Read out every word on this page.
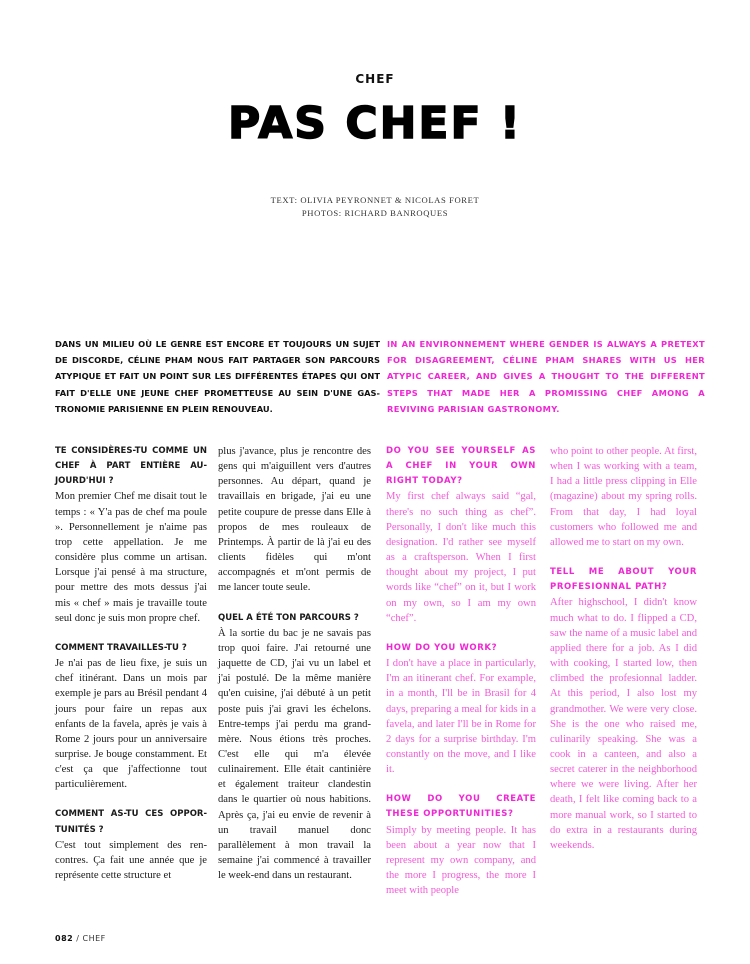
CHEF
PAS CHEF !
TEXT: OLIVIA PEYRONNET & NICOLAS FORET
PHOTOS: RICHARD BANROQUES
DANS UN MILIEU OÙ LE GENRE EST ENCORE ET TOUJOURS UN SUJET DE DISCORDE, CÉLINE PHAM NOUS FAIT PARTAGER SON PARCOURS ATYPIQUE ET FAIT UN POINT SUR LES DIFFÉRENTES ÉTAPES QUI ONT FAIT D'ELLE UNE JEUNE CHEF PROMETTEUSE AU SEIN D'UNE GASTRONOMIE PARISIENNE EN PLEIN RENOUVEAU.
IN AN ENVIRONNEMENT WHERE GENDER IS ALWAYS A PRETEXT FOR DISAGREEMENT, CÉLINE PHAM SHARES WITH US HER ATYPIC CAREER, AND GIVES A THOUGHT TO THE DIFFERENT STEPS THAT MADE HER A PROMISSING CHEF AMONG A REVIVING PARISIAN GASTRONOMY.
TE CONSIDÈRES-TU COMME UN CHEF À PART ENTIÈRE AUJOURD'HUI ?

Mon premier Chef me disait tout le temps : « Y'a pas de chef ma poule ». Personnellement je n'aime pas trop cette appellation. Je me considère plus comme un artisan. Lorsque j'ai pensé à ma structure, pour mettre des mots dessus j'ai mis « chef » mais je travaille toute seul donc je suis mon propre chef.

COMMENT TRAVAILLES-TU ?

Je n'ai pas de lieu fixe, je suis un chef itinérant. Dans un mois par exemple je pars au Brésil pendant 4 jours pour faire un repas aux enfants de la favela, après je vais à Rome 2 jours pour un anniversaire surprise. Je bouge constamment. Et c'est ça que j'affectionne tout particulièrement.

COMMENT AS-TU CES OPPORTUNITÉS ?

C'est tout simplement des rencontres. Ça fait une année que je représente cette structure et

plus j'avance, plus je rencontre des gens qui m'aiguillent vers d'autres personnes. Au départ, quand je travaillais en brigade, j'ai eu une petite coupure de presse dans Elle à propos de mes rouleaux de Printemps. À partir de là j'ai eu des clients fidèles qui m'ont accompagnés et m'ont permis de me lancer toute seule.

QUEL A ÉTÉ TON PARCOURS ?

À la sortie du bac je ne savais pas trop quoi faire. J'ai retourné une jaquette de CD, j'ai vu un label et j'ai postulé. De la même manière qu'en cuisine, j'ai débuté à un petit poste puis j'ai gravi les échelons. Entre-temps j'ai perdu ma grand-mère. Nous étions très proches. C'est elle qui m'a élevée culinairement. Elle était cantinière et également traiteur clandestin dans le quartier où nous habitions. Après ça, j'ai eu envie de revenir à un travail manuel donc parallèlement à mon travail la semaine j'ai commencé à travailler le week-end dans un restaurant.

DO YOU SEE YOURSELF AS A CHEF IN YOUR OWN RIGHT TODAY?

My first chef always said “gal, there's no such thing as chef”. Personally, I don't like much this designation. I'd rather see myself as a craftsperson. When I first thought about my project, I put words like “chef” on it, but I work on my own, so I am my own “chef”.

HOW DO YOU WORK?

I don't have a place in particularly, I'm an itinerant chef. For example, in a month, I'll be in Brasil for 4 days, preparing a meal for kids in a favela, and later I'll be in Rome for 2 days for a surprise birthday. I'm constantly on the move, and I like it.

HOW DO YOU CREATE THESE OPPORTUNITIES?

Simply by meeting people. It has been about a year now that I represent my own company, and the more I progress, the more I meet with people

who point to other people. At first, when I was working with a team, I had a little press clipping in Elle (magazine) about my spring rolls. From that day, I had loyal customers who followed me and allowed me to start on my own.

TELL ME ABOUT YOUR PROFESIONNAL PATH?

After highschool, I didn't know much what to do. I flipped a CD, saw the name of a music label and applied there for a job. As I did with cooking, I started low, then climbed the profesionnal ladder. At this period, I also lost my grandmother. We were very close. She is the one who raised me, culinarily speaking. She was a cook in a canteen, and also a secret caterer in the neighborhood where we were living. After her death, I felt like coming back to a more manual work, so I started to do extra in a restaurants during weekends.

082 / CHEF
